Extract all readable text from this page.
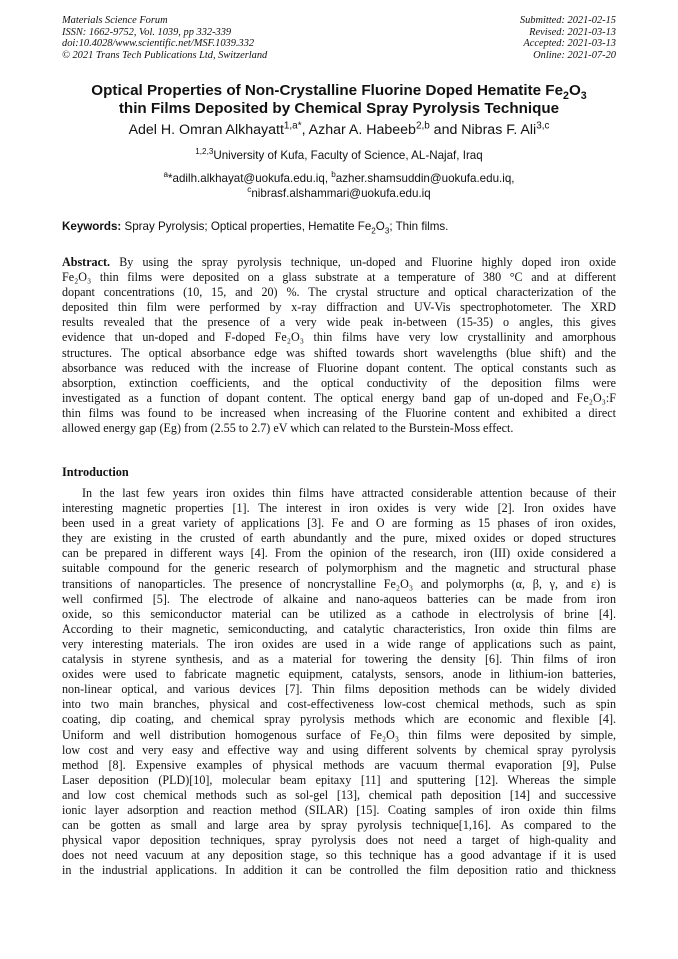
Materials Science Forum
ISSN: 1662-9752, Vol. 1039, pp 332-339
doi:10.4028/www.scientific.net/MSF.1039.332
© 2021 Trans Tech Publications Ltd, Switzerland
Submitted: 2021-02-15
Revised: 2021-03-13
Accepted: 2021-03-13
Online: 2021-07-20
Optical Properties of Non-Crystalline Fluorine Doped Hematite $Fe_2O_3$
thin Films Deposited by Chemical Spray Pyrolysis Technique
Adel H. Omran Alkhayatt$^{1,a*}$, Azhar A. Habeeb$^{2,b}$ and Nibras F. Ali$^{3,c}$
$^{1,2,3}$University of Kufa, Faculty of Science, AL-Najaf, Iraq
$^a$*adilh.alkhayat@uokufa.edu.iq, $^b$azher.shamsuddin@uokufa.edu.iq,
$^c$nibrasf.alshammari@uokufa.edu.iq
Keywords: Spray Pyrolysis; Optical properties, Hematite $Fe_2O_3$; Thin films.
Abstract. By using the spray pyrolysis technique, un-doped and Fluorine highly doped iron oxide
Fe₂O₃ thin films were deposited on a glass substrate at a temperature of 380 °C and at different
dopant concentrations (10, 15, and 20) %. The crystal structure and optical characterization of the
deposited thin film were performed by x-ray diffraction and UV-Vis spectrophotometer. The XRD
results revealed that the presence of a very wide peak in-between (15-35) o angles, this gives
evidence that un-doped and F-doped Fe₂O₃ thin films have very low crystallinity and amorphous
structures. The optical absorbance edge was shifted towards short wavelengths (blue shift) and the
absorbance was reduced with the increase of Fluorine dopant content. The optical constants such as
absorption, extinction coefficients, and the optical conductivity of the deposition films were
investigated as a function of dopant content. The optical energy band gap of un-doped and Fe₂O₃:F
thin films was found to be increased when increasing of the Fluorine content and exhibited a direct
allowed energy gap (Eg) from (2.55 to 2.7) eV which can related to the Burstein-Moss effect.
Introduction
In the last few years iron oxides thin films have attracted considerable attention because of their
interesting magnetic properties [1]. The interest in iron oxides is very wide [2]. Iron oxides have
been used in a great variety of applications [3]. Fe and O are forming as 15 phases of iron oxides,
they are existing in the crusted of earth abundantly and the pure, mixed oxides or doped structures
can be prepared in different ways [4]. From the opinion of the research, iron (III) oxide considered a
suitable compound for the generic research of polymorphism and the magnetic and structural phase
transitions of nanoparticles. The presence of noncrystalline Fe₂O₃ and polymorphs (α, β, γ, and ε) is
well confirmed [5]. The electrode of alkaine and nano-aqueos batteries can be made from iron
oxide, so this semiconductor material can be utilized as a cathode in electrolysis of brine [4].
According to their magnetic, semiconducting, and catalytic characteristics, Iron oxide thin films are
very interesting materials. The iron oxides are used in a wide range of applications such as paint,
catalysis in styrene synthesis, and as a material for towering the density [6]. Thin films of iron
oxides were used to fabricate magnetic equipment, catalysts, sensors, anode in lithium-ion batteries,
non-linear optical, and various devices [7]. Thin films deposition methods can be widely divided
into two main branches, physical and cost-effectiveness low-cost chemical methods, such as spin
coating, dip coating, and chemical spray pyrolysis methods which are economic and flexible [4].
Uniform and well distribution homogenous surface of Fe₂O₃ thin films were deposited by simple,
low cost and very easy and effective way and using different solvents by chemical spray pyrolysis
method [8]. Expensive examples of physical methods are vacuum thermal evaporation [9], Pulse
Laser deposition (PLD)[10], molecular beam epitaxy [11] and sputtering [12]. Whereas the simple
and low cost chemical methods such as sol-gel [13], chemical path deposition [14] and successive
ionic layer adsorption and reaction method (SILAR) [15]. Coating samples of iron oxide thin films
can be gotten as small and large area by spray pyrolysis technique[1,16]. As compared to the
physical vapor deposition techniques, spray pyrolysis does not need a target of high-quality and
does not need vacuum at any deposition stage, so this technique has a good advantage if it is used
in the industrial applications. In addition it can be controlled the film deposition ratio and thickness
